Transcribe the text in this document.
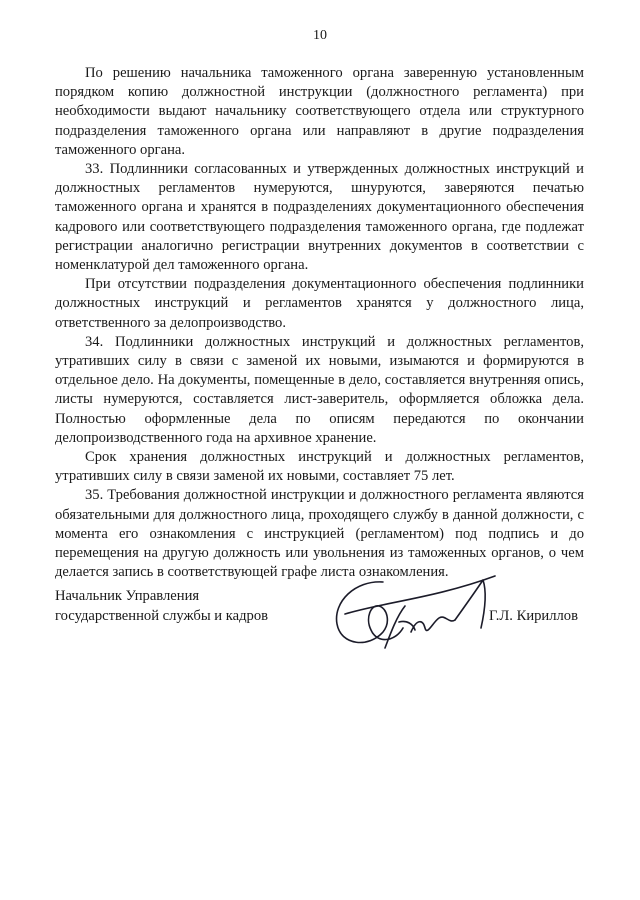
10

По решению начальника таможенного органа заверенную установленным порядком копию должностной инструкции (должностного регламента) при необходимости выдают начальнику соответствующего отдела или структурного подразделения таможенного органа или направляют в другие подразделения таможенного органа.

33. Подлинники согласованных и утвержденных должностных инструкций и должностных регламентов нумеруются, шнуруются, заверяются печатью таможенного органа и хранятся в подразделениях документационного обеспечения кадрового или соответствующего подразделения таможенного органа, где подлежат регистрации аналогично регистрации внутренних документов в соответствии с номенклатурой дел таможенного органа.

При отсутствии подразделения документационного обеспечения подлинники должностных инструкций и регламентов хранятся у должностного лица, ответственного за делопроизводство.

34. Подлинники должностных инструкций и должностных регламентов, утративших силу в связи с заменой их новыми, изымаются и формируются в отдельное дело. На документы, помещенные в дело, составляется внутренняя опись, листы нумеруются, составляется лист-заверитель, оформляется обложка дела. Полностью оформленные дела по описям передаются по окончании делопроизводственного года на архивное хранение.

Срок хранения должностных инструкций и должностных регламентов, утративших силу в связи заменой их новыми, составляет 75 лет.

35. Требования должностной инструкции и должностного регламента являются обязательными для должностного лица, проходящего службу в данной должности, с момента его ознакомления с инструкцией (регламентом) под подпись и до перемещения на другую должность или увольнения из таможенных органов, о чем делается запись в соответствующей графе листа ознакомления.

Начальник Управления
государственной службы и кадров	Г.Л. Кириллов
